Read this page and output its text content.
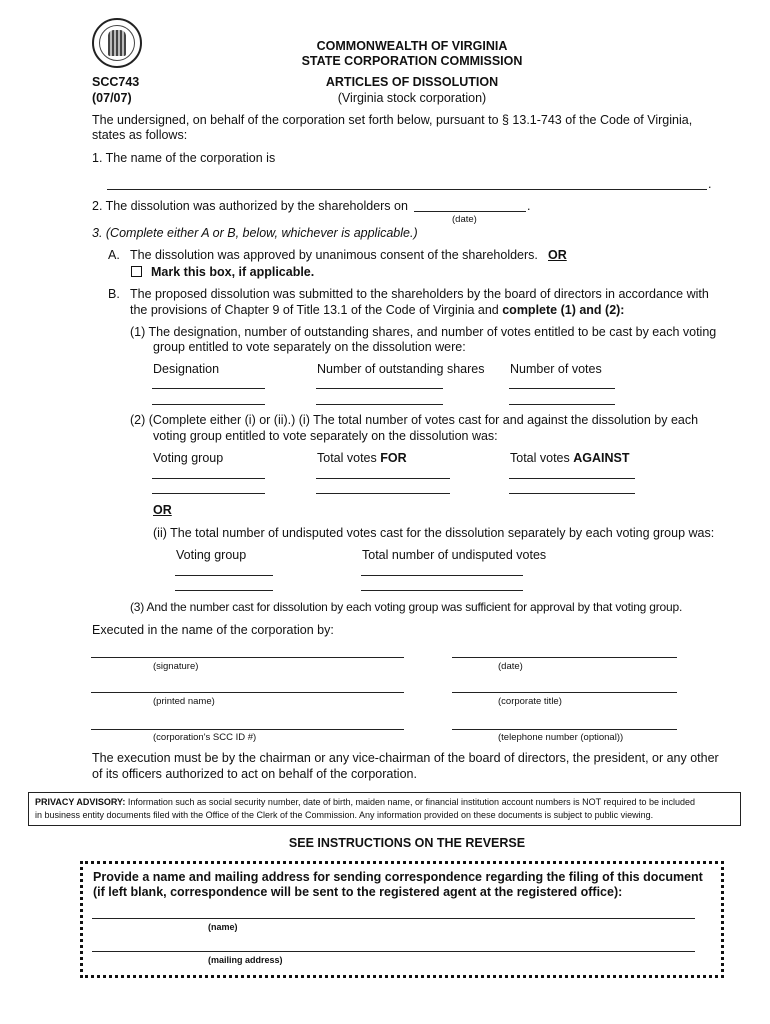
COMMONWEALTH OF VIRGINIA
STATE CORPORATION COMMISSION
SCC743	ARTICLES OF DISSOLUTION
(07/07)	(Virginia stock corporation)
The undersigned, on behalf of the corporation set forth below, pursuant to § 13.1-743 of the Code of Virginia,
states as follows:
1. The name of the corporation is
.
2. The dissolution was authorized by the shareholders on	.
(date)
3. (Complete either A or B, below, whichever is applicable.)
A. The dissolution was approved by unanimous consent of the shareholders. OR
Mark this box, if applicable.
B. The proposed dissolution was submitted to the shareholders by the board of directors in accordance with
the provisions of Chapter 9 of Title 13.1 of the Code of Virginia and complete (1) and (2):
(1) The designation, number of outstanding shares, and number of votes entitled to be cast by each voting
group entitled to vote separately on the dissolution were:
Designation	Number of outstanding shares Number of votes
(2) (Complete either (i) or (ii).) (i) The total number of votes cast for and against the dissolution by each
voting group entitled to vote separately on the dissolution was:
Voting group	Total votes FOR	Total votes AGAINST
OR
(ii) The total number of undisputed votes cast for the dissolution separately by each voting group was:
Voting group	Total number of undisputed votes
(3) And the number cast for dissolution by each voting group was sufficient for approval by that voting group.
Executed in the name of the corporation by:
(signature)	(date)
(printed name)	(corporate title)
(corporation's SCC ID #)	(telephone number (optional))
The execution must be by the chairman or any vice-chairman of the board of directors, the president, or any other
of its officers authorized to act on behalf of the corporation.
PRIVACY ADVISORY: Information such as social security number, date of birth, maiden name, or financial institution account numbers is NOT required to be included
in business entity documents filed with the Office of the Clerk of the Commission. Any information provided on these documents is subject to public viewing.
SEE INSTRUCTIONS ON THE REVERSE
Provide a name and mailing address for sending correspondence regarding the filing of this document
(if left blank, correspondence will be sent to the registered agent at the registered office):
(name)
(mailing address)
